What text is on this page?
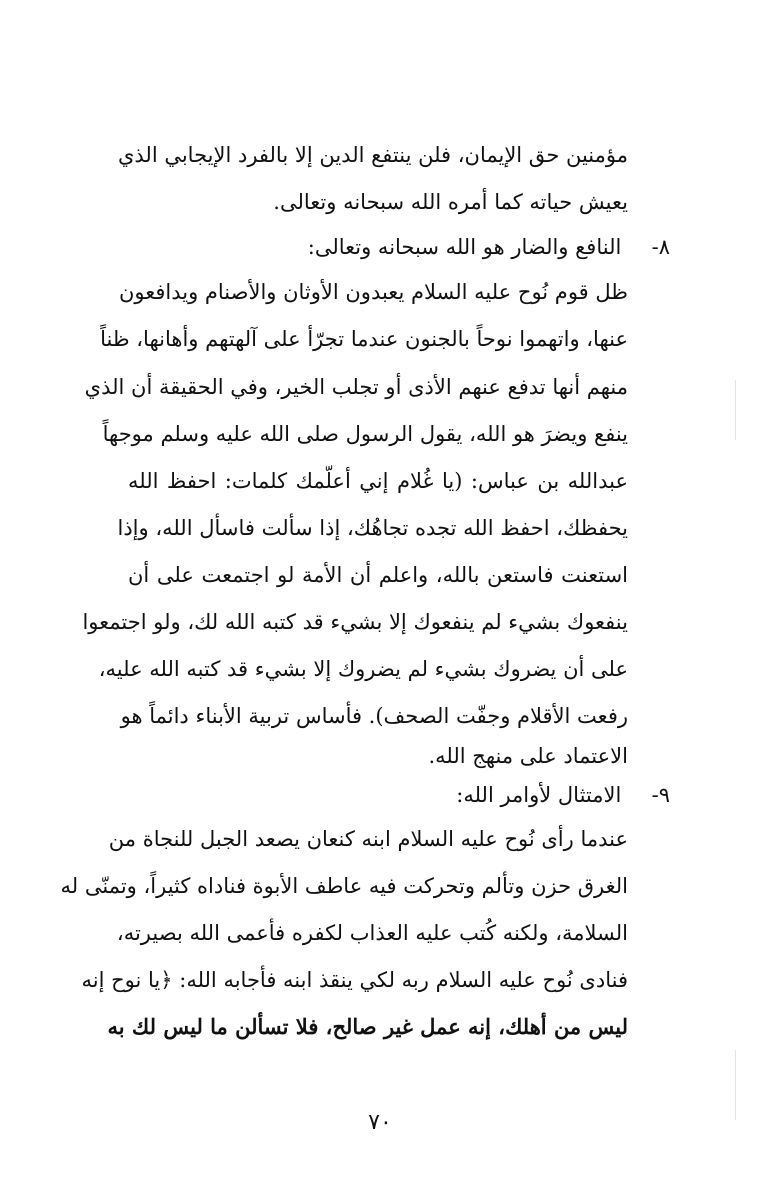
مؤمنين حق الإيمان، فلن ينتفع الدين إلا بالفرد الإيجابي الذي
يعيش حياته كما أمره الله سبحانه وتعالى.
٨- النافع والضار هو الله سبحانه وتعالى:
ظل قوم نُوح عليه السلام يعبدون الأوثان والأصنام ويدافعون
عنها، واتهموا نوحاً بالجنون عندما تجرّأ على آلهتهم وأهانها، ظناً
منهم أنها تدفع عنهم الأذى أو تجلب الخير، وفي الحقيقة أن الذي
ينفع ويضرَ هو الله، يقول الرسول صلى الله عليه وسلم موجهاً
عبدالله بن عباس: (يا غُلام إني أعلّمك كلمات: احفظ الله
يحفظك، احفظ الله تجده تجاهُك، إذا سألت فاسأل الله، وإذا
استعنت فاستعن بالله، واعلم أن الأمة لو اجتمعت على أن
ينفعوك بشيء لم ينفعوك إلا بشيء قد كتبه الله لك، ولو اجتمعوا
على أن يضروك بشيء لم يضروك إلا بشيء قد كتبه الله عليه،
رفعت الأقلام وجفّت الصحف). فأساس تربية الأبناء دائماً هو
الاعتماد على منهج الله.
٩- الامتثال لأوامر الله:
عندما رأى نُوح عليه السلام ابنه كنعان يصعد الجبل للنجاة من
الغرق حزن وتألم وتحركت فيه عاطف الأبوة فناداه كثيراً، وتمنّى له
السلامة، ولكنه كُتب عليه العذاب لكفره فأعمى الله بصيرته،
فنادى نُوح عليه السلام ربه لكي ينقذ ابنه فأجابه الله: ﴿يا نوح إنه
ليس من أهلك، إنه عمل غير صالح، فلا تسألن ما ليس لك به
٧٠
